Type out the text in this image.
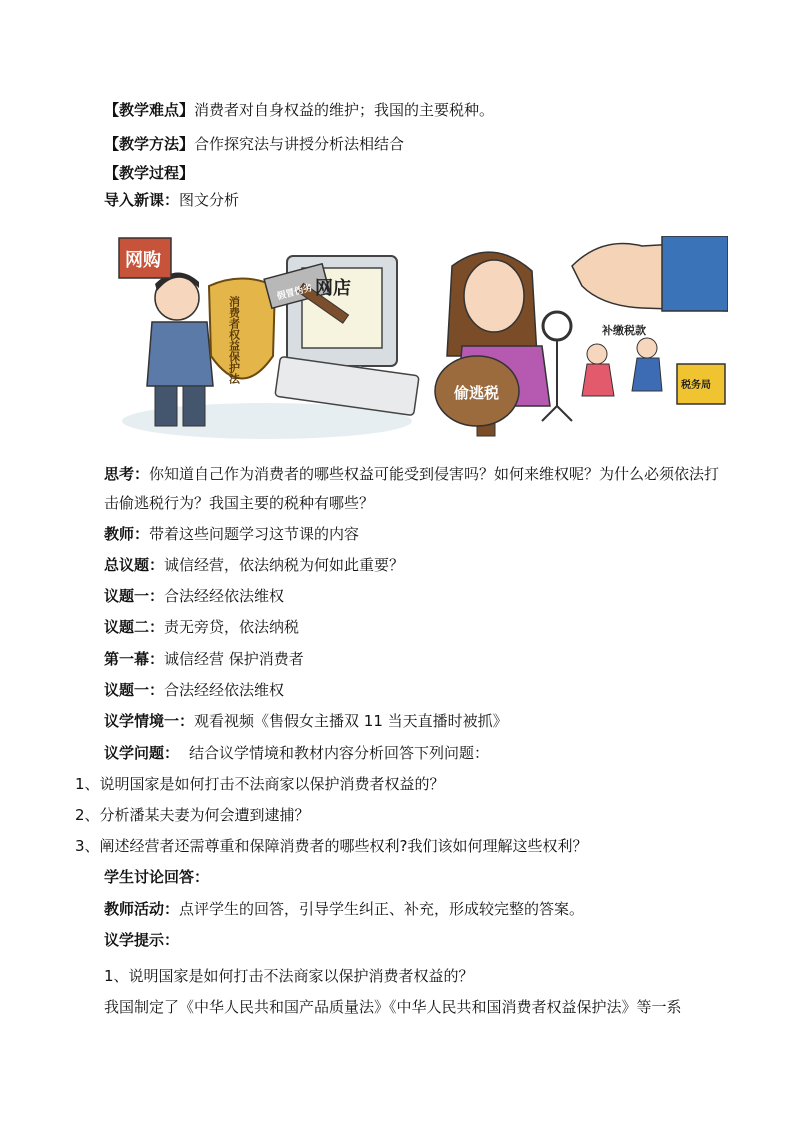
【教学难点】消费者对自身权益的维护；我国的主要税种。
【教学方法】合作探究法与讲授分析法相结合
【教学过程】
导入新课：图文分析
网购
网店
消费者权益保护法
假冒伪劣
偷逃税
补缴税款
税务局
思考：你知道自己作为消费者的哪些权益可能受到侵害吗？如何来维权呢？为什么必须依法打击偷逃税行为？我国主要的税种有哪些？
教师：带着这些问题学习这节课的内容
总议题：诚信经营，依法纳税为何如此重要？
议题一：合法经经依法维权
议题二：责无旁贷，依法纳税
第一幕：诚信经营 保护消费者
议题一：合法经经依法维权
议学情境一：观看视频《售假女主播双 11 当天直播时被抓》
议学问题： 结合议学情境和教材内容分析回答下列问题：
1、说明国家是如何打击不法商家以保护消费者权益的？
2、分析潘某夫妻为何会遭到逮捕？
3、阐述经营者还需尊重和保障消费者的哪些权利?我们该如何理解这些权利？
学生讨论回答：
教师活动：点评学生的回答，引导学生纠正、补充，形成较完整的答案。
议学提示：
1、说明国家是如何打击不法商家以保护消费者权益的？
我国制定了《中华人民共和国产品质量法》《中华人民共和国消费者权益保护法》等一系
